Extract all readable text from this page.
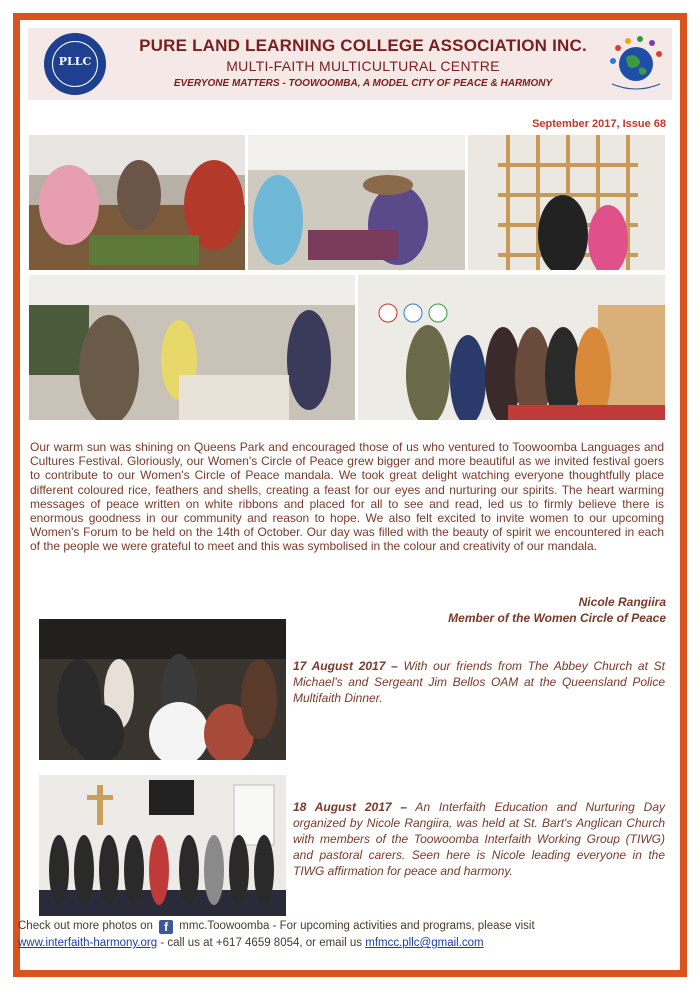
PLLC
PURE LAND LEARNING COLLEGE ASSOCIATION INC.
MULTI-FAITH MULTICULTURAL CENTRE
EVERYONE MATTERS - TOOWOOMBA, A MODEL CITY OF PEACE & HARMONY
September 2017, Issue 68
Our warm sun was shining on Queens Park and encouraged those of us who ventured to Toowoomba Languages and Cultures Festival. Gloriously, our Women's Circle of Peace grew bigger and more beautiful as we invited festival goers to contribute to our Women's Circle of Peace mandala. We took great delight watching everyone thoughtfully place different coloured rice, feathers and shells, creating a feast for our eyes and nurturing our spirits. The heart warming messages of peace written on white ribbons and placed for all to see and read, led us to firmly believe there is enormous goodness in our community and reason to hope. We also felt excited to invite women to our upcoming Women's Forum to be held on the 14th of October. Our day was filled with the beauty of spirit we encountered in each of the people we were grateful to meet and this was symbolised in the colour and creativity of our mandala.
Nicole Rangiira
Member of the Women Circle of Peace
17 August 2017 – With our friends from The Abbey Church at St Michael's and Sergeant Jim Bellos OAM at the Queensland Police Multifaith Dinner.
18 August 2017 – An Interfaith Education and Nurturing Day organized by Nicole Rangiira, was held at St. Bart's Anglican Church with members of the Toowoomba Interfaith Working Group (TIWG) and pastoral carers. Seen here is Nicole leading everyone in the TIWG affirmation for peace and harmony.
Check out more photos on f mmc.Toowoomba - For upcoming activities and programs, please visit
www.interfaith-harmony.org - call us at +617 4659 8054, or email us mfmcc.pllc@gmail.com
